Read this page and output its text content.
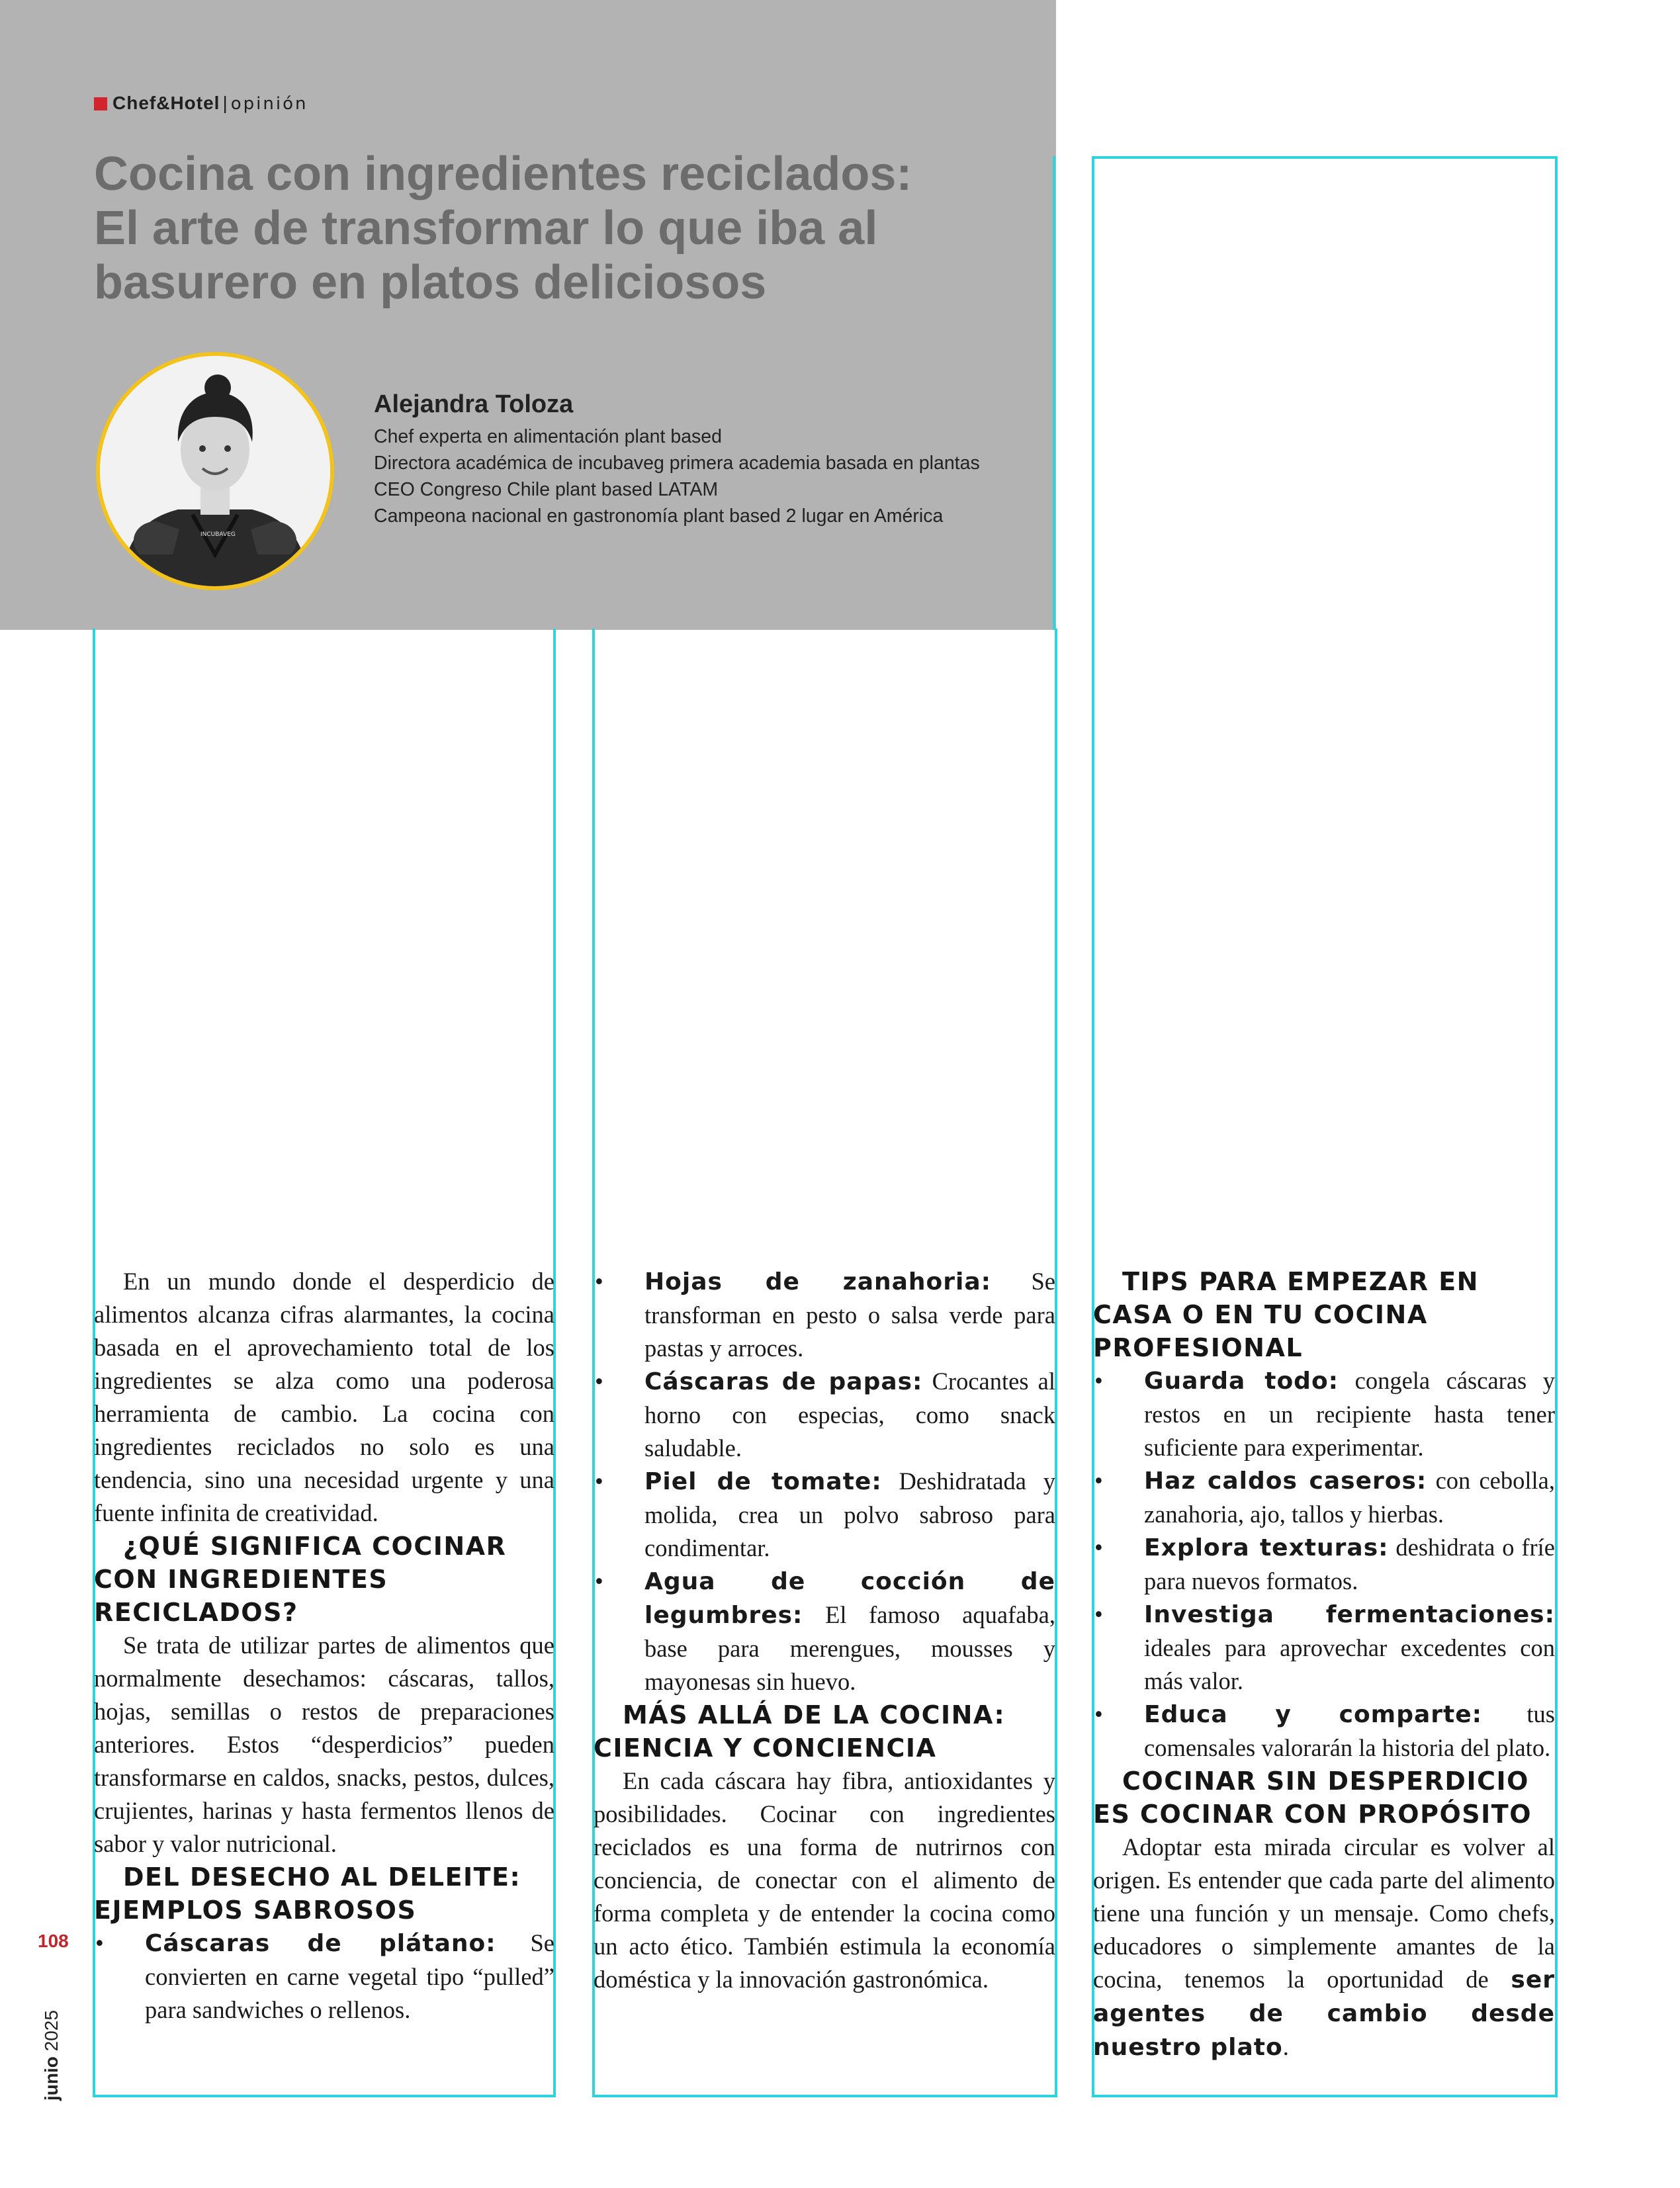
Chef&Hotel | opinión
Cocina con ingredientes reciclados:
El arte de transformar lo que iba al
basurero en platos deliciosos
INCUBAVEG
Alejandra Toloza
Chef experta en alimentación plant based
Directora académica de incubaveg primera academia basada en plantas
CEO Congreso Chile plant based LATAM
Campeona nacional en gastronomía plant based 2 lugar en América

En un mundo donde el desperdicio de alimentos alcanza cifras alarmantes, la cocina basada en el aprovechamiento total de los ingredientes se alza como una poderosa herramienta de cambio. La cocina con ingredientes reciclados no solo es una tendencia, sino una necesidad urgente y una fuente infinita de creatividad.

¿QUÉ SIGNIFICA COCINAR
CON INGREDIENTES
RECICLADOS?

Se trata de utilizar partes de alimentos que normalmente desechamos: cáscaras, tallos, hojas, semillas o restos de preparaciones anteriores. Estos “desperdicios” pueden transformarse en caldos, snacks, pestos, dulces, crujientes, harinas y hasta fermentos llenos de sabor y valor nutricional.

DEL DESECHO AL DELEITE:
EJEMPLOS SABROSOS
• Cáscaras de plátano: Se convierten en carne vegetal tipo “pulled” para sandwiches o rellenos.
• Hojas de zanahoria: Se transforman en pesto o salsa verde para pastas y arroces.
• Cáscaras de papas: Crocantes al horno con especias, como snack saludable.
• Piel de tomate: Deshidratada y molida, crea un polvo sabroso para condimentar.
• Agua de cocción de legumbres: El famoso aquafaba, base para merengues, mousses y mayonesas sin huevo.
MÁS ALLÁ DE LA COCINA:
CIENCIA Y CONCIENCIA

En cada cáscara hay fibra, antioxidantes y posibilidades. Cocinar con ingredientes reciclados es una forma de nutrirnos con conciencia, de conectar con el alimento de forma completa y de entender la cocina como un acto ético. También estimula la economía doméstica y la innovación gastronómica.

TIPS PARA EMPEZAR EN
CASA O EN TU COCINA
PROFESIONAL
• Guarda todo: congela cáscaras y restos en un recipiente hasta tener suficiente para experimentar.
• Haz caldos caseros: con cebolla, zanahoria, ajo, tallos y hierbas.
• Explora texturas: deshidrata o fríe para nuevos formatos.
• Investiga fermentaciones: ideales para aprovechar excedentes con más valor.
• Educa y comparte: tus comensales valorarán la historia del plato.
COCINAR SIN DESPERDICIO
ES COCINAR CON PROPÓSITO

Adoptar esta mirada circular es volver al origen. Es entender que cada parte del alimento tiene una función y un mensaje. Como chefs, educadores o simplemente amantes de la cocina, tenemos la oportunidad de ser agentes de cambio desde nuestro plato.

108
junio 2025
